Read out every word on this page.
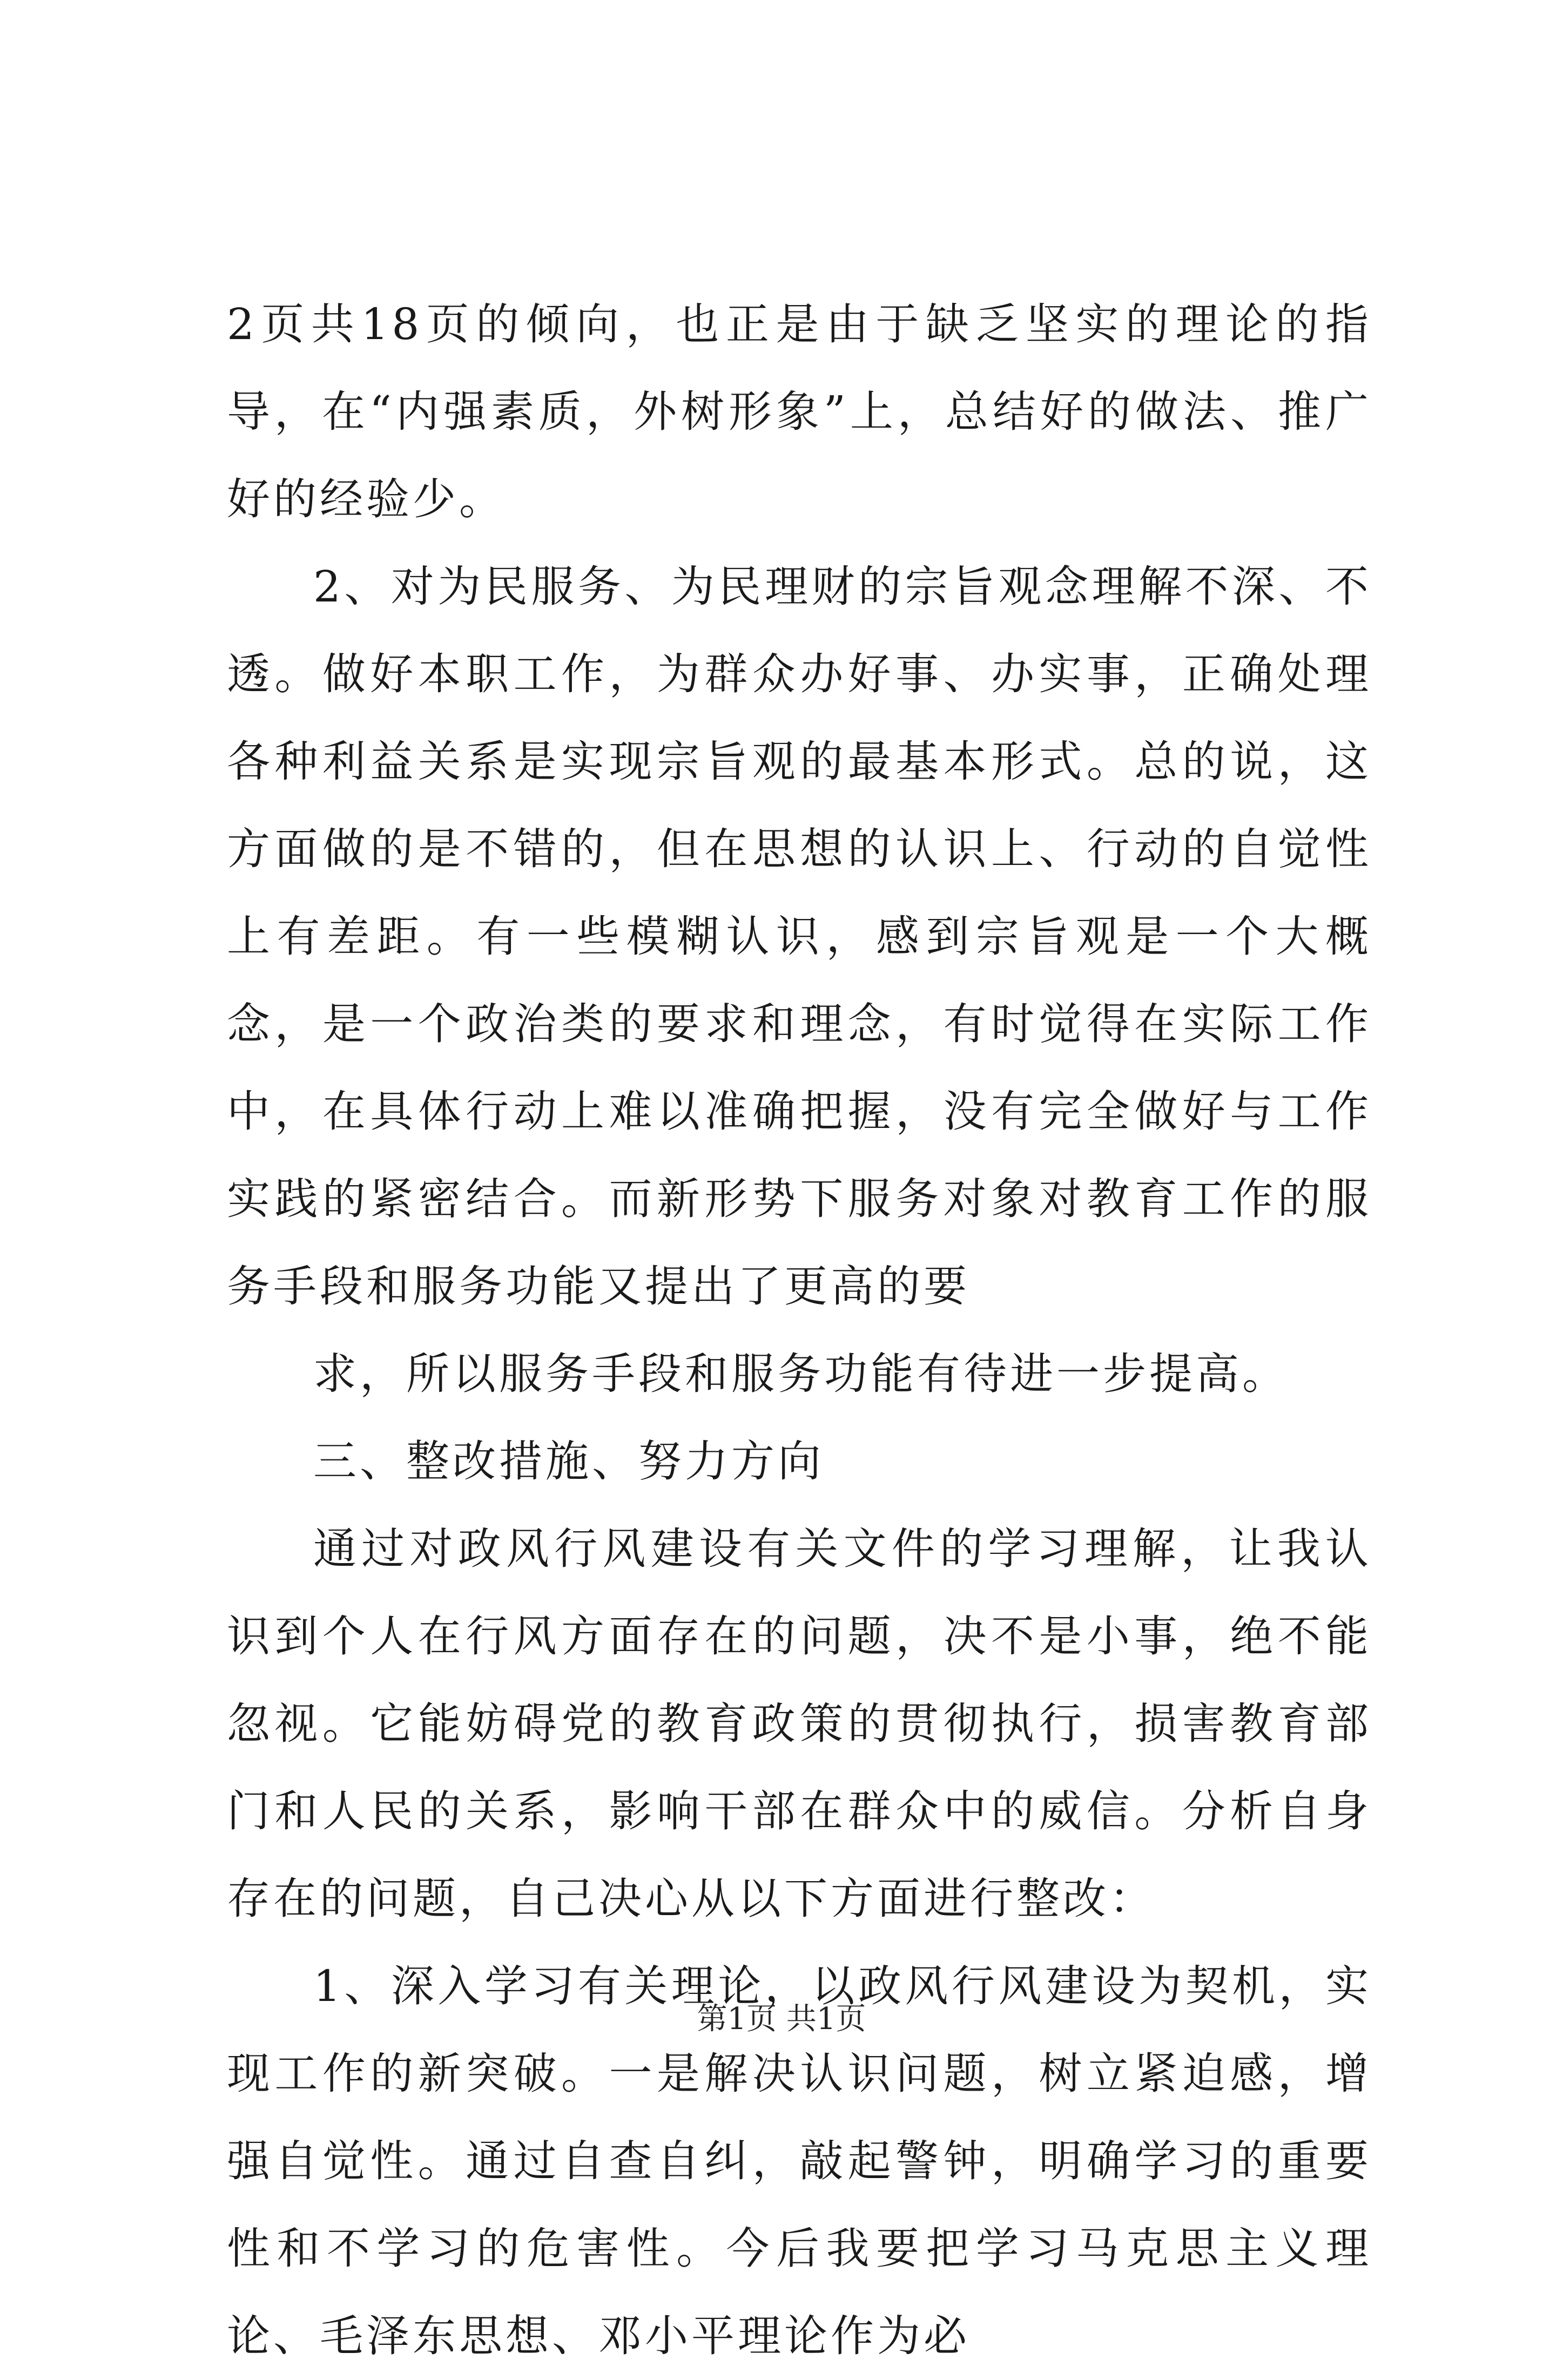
2页共18页的倾向，也正是由于缺乏坚实的理论的指导，在“内强素质，外树形象”上，总结好的做法、推广好的经验少。

2、对为民服务、为民理财的宗旨观念理解不深、不透。做好本职工作，为群众办好事、办实事，正确处理各种利益关系是实现宗旨观的最基本形式。总的说，这方面做的是不错的，但在思想的认识上、行动的自觉性上有差距。有一些模糊认识，感到宗旨观是一个大概念，是一个政治类的要求和理念，有时觉得在实际工作中，在具体行动上难以准确把握，没有完全做好与工作实践的紧密结合。而新形势下服务对象对教育工作的服务手段和服务功能又提出了更高的要

求，所以服务手段和服务功能有待进一步提高。

三、整改措施、努力方向

通过对政风行风建设有关文件的学习理解，让我认识到个人在行风方面存在的问题，决不是小事，绝不能忽视。它能妨碍党的教育政策的贯彻执行，损害教育部门和人民的关系，影响干部在群众中的威信。分析自身存在的问题，自己决心从以下方面进行整改：

1、深入学习有关理论，以政风行风建设为契机，实现工作的新突破。一是解决认识问题，树立紧迫感，增强自觉性。通过自查自纠，敲起警钟，明确学习的重要性和不学习的危害性。今后我要把学习马克思主义理论、毛泽东思想、邓小平理论作为必

第1页 共1页
